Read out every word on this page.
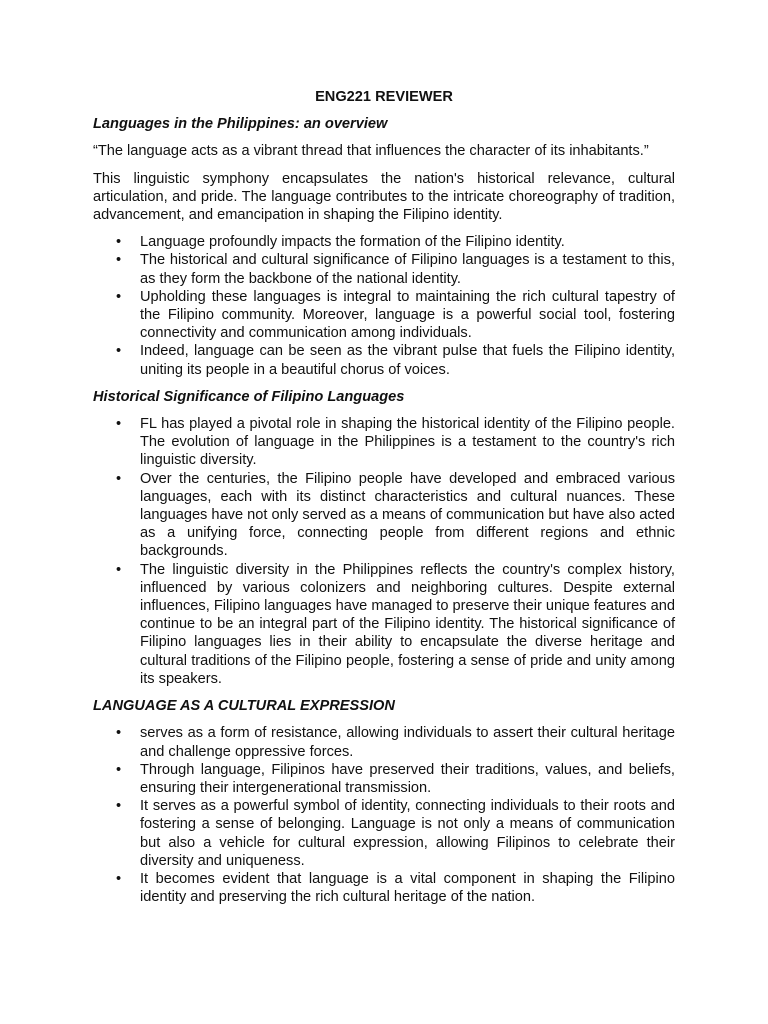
ENG221 REVIEWER
Languages in the Philippines: an overview

“The language acts as a vibrant thread that influences the character of its inhabitants.”

This linguistic symphony encapsulates the nation's historical relevance, cultural articulation, and pride. The language contributes to the intricate choreography of tradition, advancement, and emancipation in shaping the Filipino identity.

• Language profoundly impacts the formation of the Filipino identity.
• The historical and cultural significance of Filipino languages is a testament to this, as they form the backbone of the national identity.
• Upholding these languages is integral to maintaining the rich cultural tapestry of the Filipino community. Moreover, language is a powerful social tool, fostering connectivity and communication among individuals.
• Indeed, language can be seen as the vibrant pulse that fuels the Filipino identity, uniting its people in a beautiful chorus of voices.
Historical Significance of Filipino Languages
• FL has played a pivotal role in shaping the historical identity of the Filipino people. The evolution of language in the Philippines is a testament to the country's rich linguistic diversity.
• Over the centuries, the Filipino people have developed and embraced various languages, each with its distinct characteristics and cultural nuances. These languages have not only served as a means of communication but have also acted as a unifying force, connecting people from different regions and ethnic backgrounds.
• The linguistic diversity in the Philippines reflects the country's complex history, influenced by various colonizers and neighboring cultures. Despite external influences, Filipino languages have managed to preserve their unique features and continue to be an integral part of the Filipino identity. The historical significance of Filipino languages lies in their ability to encapsulate the diverse heritage and cultural traditions of the Filipino people, fostering a sense of pride and unity among its speakers.
LANGUAGE AS A CULTURAL EXPRESSION
• serves as a form of resistance, allowing individuals to assert their cultural heritage and challenge oppressive forces.
• Through language, Filipinos have preserved their traditions, values, and beliefs, ensuring their intergenerational transmission.
• It serves as a powerful symbol of identity, connecting individuals to their roots and fostering a sense of belonging. Language is not only a means of communication but also a vehicle for cultural expression, allowing Filipinos to celebrate their diversity and uniqueness.
• It becomes evident that language is a vital component in shaping the Filipino identity and preserving the rich cultural heritage of the nation.
